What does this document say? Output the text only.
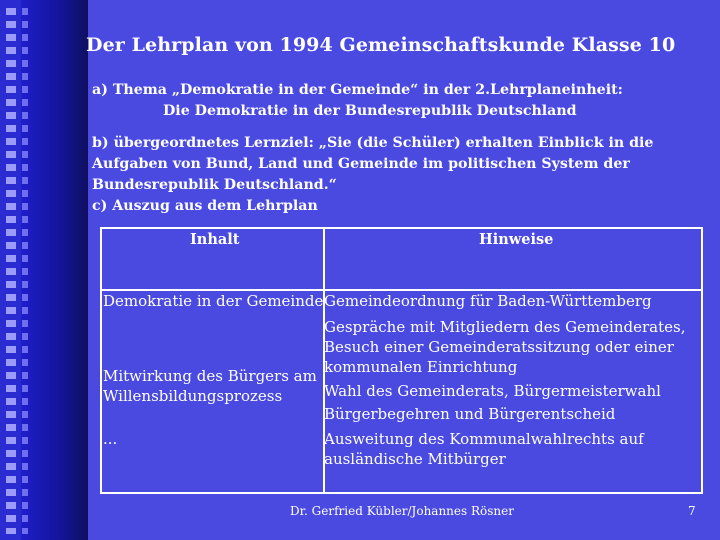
Der Lehrplan von 1994 Gemeinschaftskunde Klasse 10
a) Thema „Demokratie in der Gemeinde“ in der 2.Lehrplaneinheit:
Die Demokratie in der Bundesrepublik Deutschland
b) übergeordnetes Lernziel: „Sie (die Schüler) erhalten Einblick in die
Aufgaben von Bund, Land und Gemeinde im politischen System der
Bundesrepublik Deutschland.“
c) Auszug aus dem Lehrplan
Inhalt	Hinweise
Demokratie in der Gemeinde
Mitwirkung des Bürgers am
Willensbildungsprozess
...
Gemeindeordnung für Baden-Württemberg
Gespräche mit Mitgliedern des Gemeinderates,
Besuch einer Gemeinderatssitzung oder einer
kommunalen Einrichtung
Wahl des Gemeinderats, Bürgermeisterwahl
Bürgerbegehren und Bürgerentscheid
Ausweitung des Kommunalwahlrechts auf
ausländische Mitbürger
Dr. Gerfried Kübler/Johannes Rösner	7
